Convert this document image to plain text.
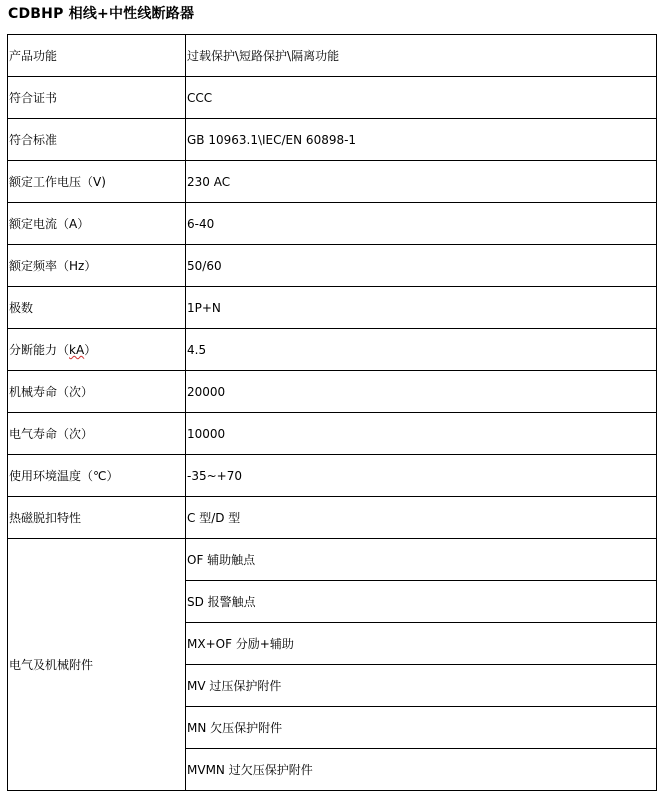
CDBHP 相线+中性线断路器
产品功能	过载保护\短路保护\隔离功能
符合证书	CCC
符合标准	GB 10963.1\IEC/EN 60898-1
额定工作电压（V)	230 AC
额定电流（A）	6-40
额定频率（Hz）	50/60
极数	1P+N
分断能力（kA）	4.5
机械寿命（次）	20000
电气寿命（次）	10000
使用环境温度（℃）	-35~+70
热磁脱扣特性	C 型/D 型
电气及机械附件	OF 辅助触点
	SD 报警触点
	MX+OF 分励+辅助
	MV 过压保护附件
	MN 欠压保护附件
	MVMN 过欠压保护附件
